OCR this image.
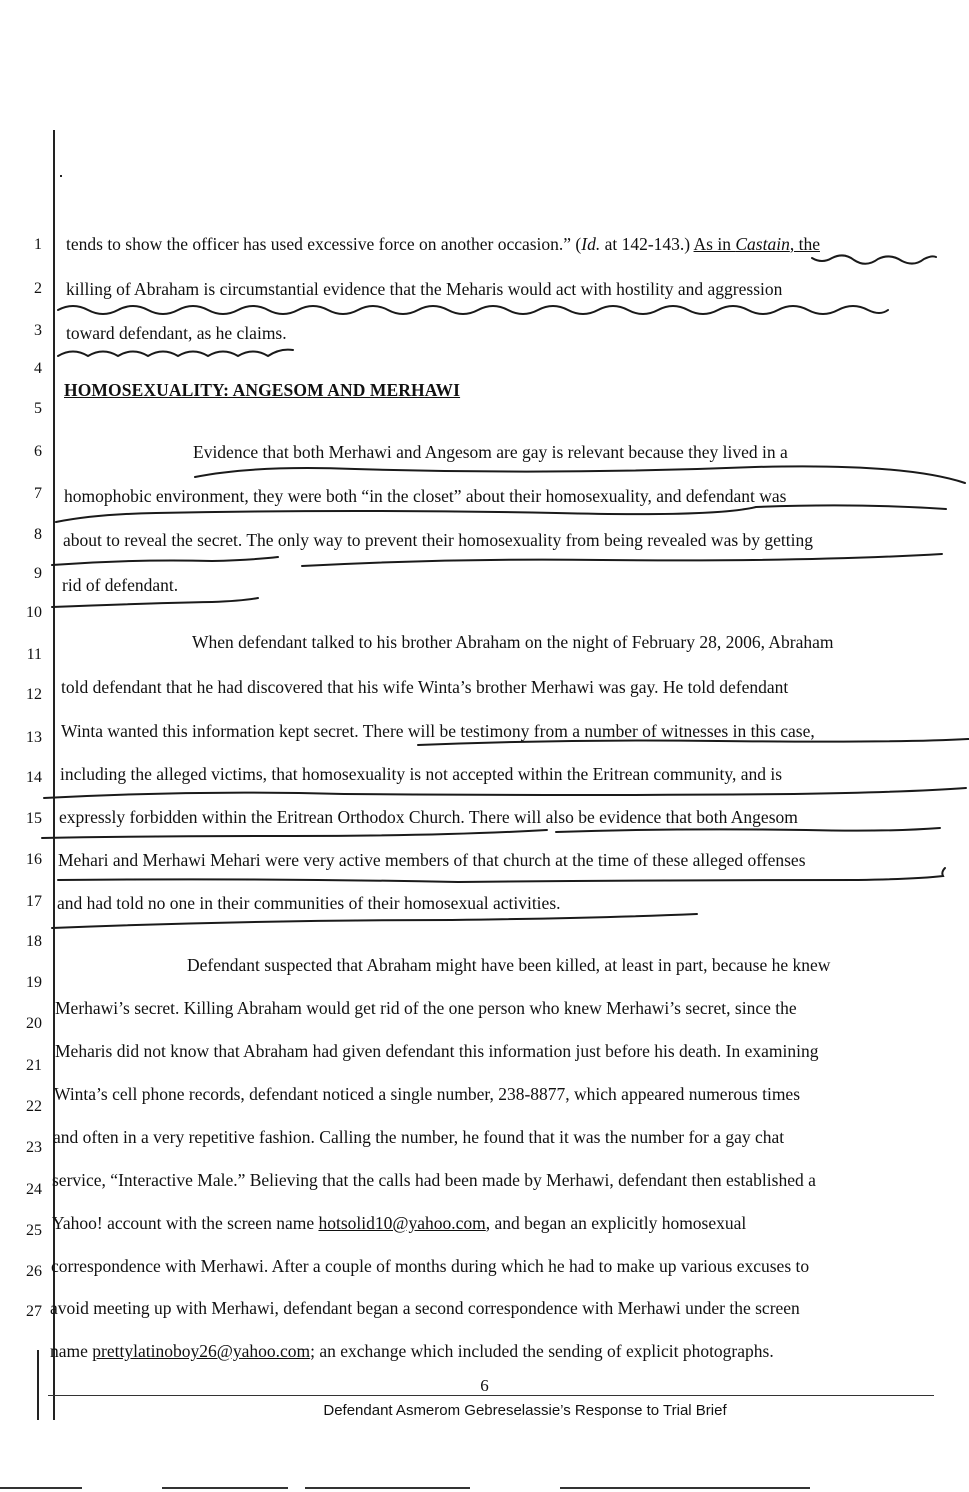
1
2
3
4
5
6
7
8
9
10
11
12
13
14
15
16
17
18
19
20
21
22
23
24
25
26
27
tends to show the officer has used excessive force on another occasion.” (Id. at 142-143.) As in Castain, the
killing of Abraham is circumstantial evidence that the Meharis would act with hostility and aggression
toward defendant, as he claims.
HOMOSEXUALITY: ANGESOM AND MERHAWI
Evidence that both Merhawi and Angesom are gay is relevant because they lived in a
homophobic environment, they were both “in the closet” about their homosexuality, and defendant was
about to reveal the secret. The only way to prevent their homosexuality from being revealed was by getting
rid of defendant.
When defendant talked to his brother Abraham on the night of February 28, 2006, Abraham
told defendant that he had discovered that his wife Winta’s brother Merhawi was gay. He told defendant
Winta wanted this information kept secret. There will be testimony from a number of witnesses in this case,
including the alleged victims, that homosexuality is not accepted within the Eritrean community, and is
expressly forbidden within the Eritrean Orthodox Church. There will also be evidence that both Angesom
Mehari and Merhawi Mehari were very active members of that church at the time of these alleged offenses
and had told no one in their communities of their homosexual activities.
Defendant suspected that Abraham might have been killed, at least in part, because he knew
Merhawi’s secret. Killing Abraham would get rid of the one person who knew Merhawi’s secret, since the
Meharis did not know that Abraham had given defendant this information just before his death. In examining
Winta’s cell phone records, defendant noticed a single number, 238-8877, which appeared numerous times
and often in a very repetitive fashion. Calling the number, he found that it was the number for a gay chat
service, “Interactive Male.” Believing that the calls had been made by Merhawi, defendant then established a
Yahoo! account with the screen name hotsolid10@yahoo.com, and began an explicitly homosexual
correspondence with Merhawi. After a couple of months during which he had to make up various excuses to
avoid meeting up with Merhawi, defendant began a second correspondence with Merhawi under the screen
name prettylatinoboy26@yahoo.com; an exchange which included the sending of explicit photographs.
6
Defendant Asmerom Gebreselassie’s Response to Trial Brief
